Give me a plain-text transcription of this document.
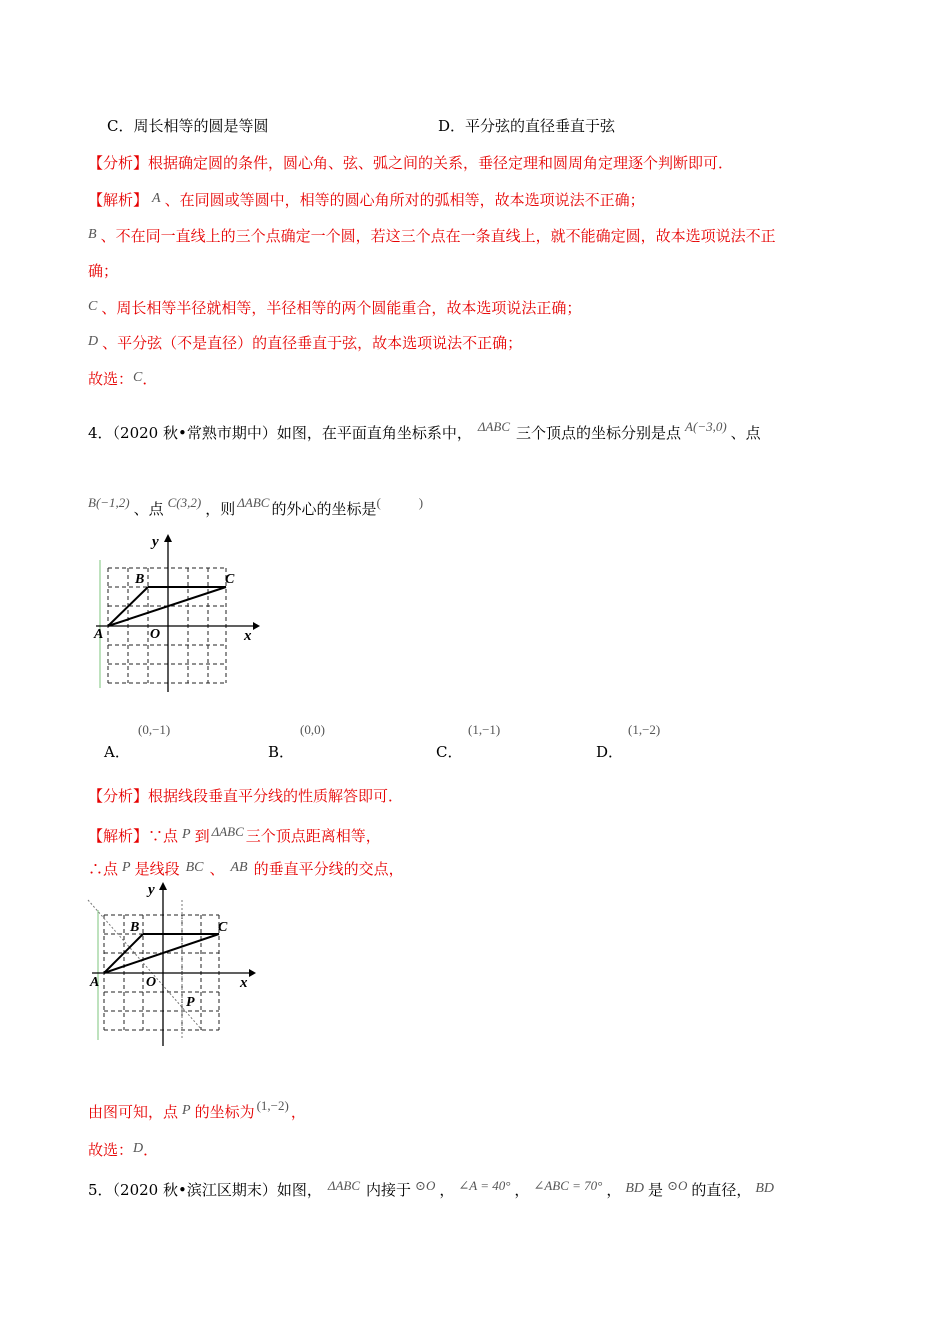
C．周长相等的圆是等圆	D．平分弦的直径垂直于弦
【分析】根据确定圆的条件，圆心角、弦、弧之间的关系，垂径定理和圆周角定理逐个判断即可．
【解析】 A 、在同圆或等圆中，相等的圆心角所对的弧相等，故本选项说法不正确；
B 、不在同一直线上的三个点确定一个圆，若这三个点在一条直线上，就不能确定圆，故本选项说法不正
确；
C 、周长相等半径就相等，半径相等的两个圆能重合，故本选项说法正确；
D 、平分弦（不是直径）的直径垂直于弦，故本选项说法不正确；
故选：C．
4．（2020 秋•常熟市期中）如图，在平面直角坐标系中， ΔABC 三个顶点的坐标分别是点 A(−3,0) 、点
B(−1,2) 、点 C(3,2) ，则 ΔABC 的外心的坐标是(	)
y
x
A
B	C
O
(0,−1)
A．
(0,0)
B．
(1,−1)
C．
(1,−2)
D．
【分析】根据线段垂直平分线的性质解答即可．
【解析】∵点 P 到 ΔABC 三个顶点距离相等，
∴点 P 是线段 BC 、 AB 的垂直平分线的交点，
y
x
A
B	C
O
P
由图可知，点 P 的坐标为 (1,−2) ，
故选：D．
5．（2020 秋•滨江区期末）如图， ΔABC 内接于 ⊙O ， ∠A = 40° ， ∠ABC = 70° ， BD 是 ⊙O 的直径， BD
